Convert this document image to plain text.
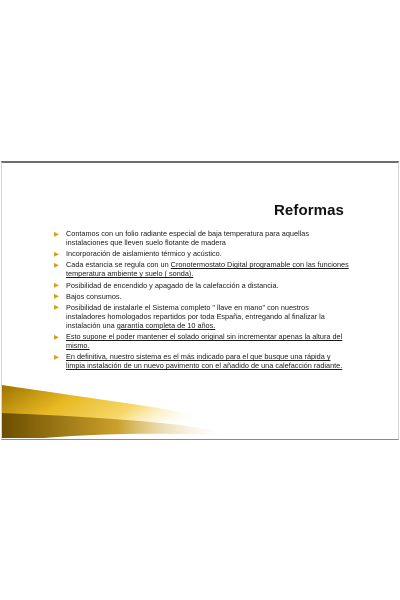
Reformas
▶ Contamos con un folio radiante especial de baja temperatura para aquellas instalaciones que lleven suelo flotante de madera
▶ Incorporación de aislamiento térmico y acústico.
▶ Cada estancia se regula con un Cronotermostato Digital programable con las funciones temperatura ambiente y suelo ( sonda).
▶ Posibilidad de encendido y apagado de la calefacción a distancia.
▶ Bajos consumos.
▶ Posibilidad de instalarle el Sistema completo " llave en mano" con nuestros instaladores homologados repartidos por toda España, entregando al finalizar la instalación una garantía completa de 10 años.
▶ Esto supone el poder mantener el solado original sin incrementar apenas la altura del mismo.
▶ En definitiva, nuestro sistema es el más indicado para el que busque una rápida y limpia instalación de un nuevo pavimento con el añadido de una calefacción radiante.
